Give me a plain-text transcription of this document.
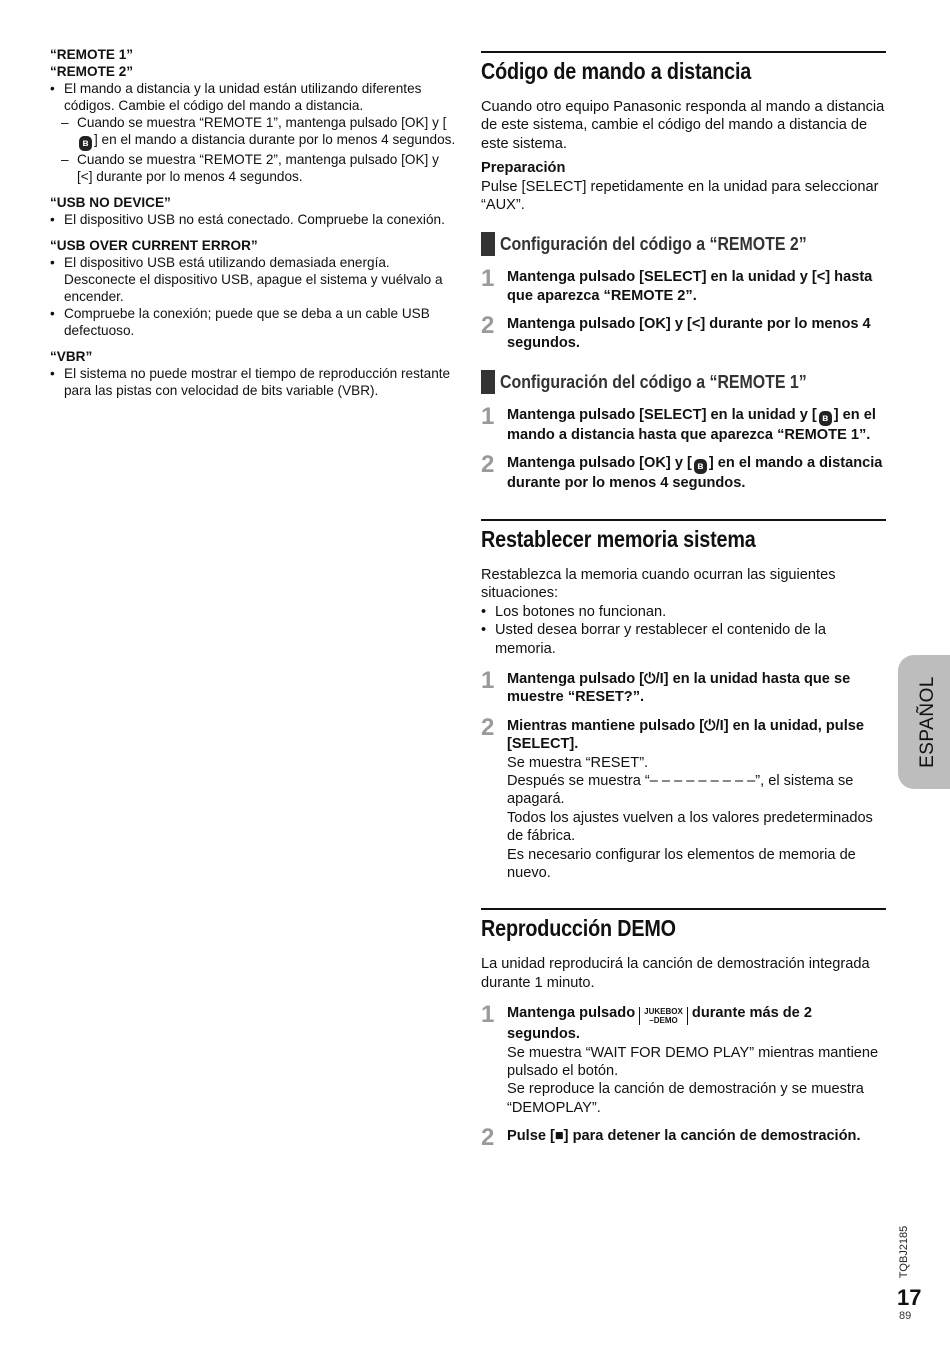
“REMOTE 1”
“REMOTE 2”
• El mando a distancia y la unidad están utilizando diferentes códigos. Cambie el código del mando a distancia.
– Cuando se muestra “REMOTE 1”, mantenga pulsado [OK] y [ʙ ] en el mando a distancia durante por lo menos 4 segundos.
– Cuando se muestra “REMOTE 2”, mantenga pulsado [OK] y [<] durante por lo menos 4 segundos.
“USB NO DEVICE”
• El dispositivo USB no está conectado. Compruebe la conexión.
“USB OVER CURRENT ERROR”
• El dispositivo USB está utilizando demasiada energía. Desconecte el dispositivo USB, apague el sistema y vuélvalo a encender.
• Compruebe la conexión; puede que se deba a un cable USB defectuoso.
“VBR”
• El sistema no puede mostrar el tiempo de reproducción restante para las pistas con velocidad de bits variable (VBR).
Código de mando a distancia
Cuando otro equipo Panasonic responda al mando a distancia de este sistema, cambie el código del mando a distancia de este sistema.
Preparación
Pulse [SELECT] repetidamente en la unidad para seleccionar “AUX”.
Configuración del código a “REMOTE 2”
1 Mantenga pulsado [SELECT] en la unidad y [<] hasta que aparezca “REMOTE 2”.
2 Mantenga pulsado [OK] y [<] durante por lo menos 4 segundos.
Configuración del código a “REMOTE 1”
1 Mantenga pulsado [SELECT] en la unidad y [ ʙ ] en el mando a distancia hasta que aparezca “REMOTE 1”.
2 Mantenga pulsado [OK] y [ ʙ ] en el mando a distancia durante por lo menos 4 segundos.
Restablecer memoria sistema
Restablezca la memoria cuando ocurran las siguientes situaciones:
• Los botones no funcionan.
• Usted desea borrar y restablecer el contenido de la memoria.
1 Mantenga pulsado [⏻/I] en la unidad hasta que se muestre “RESET?”.
2 Mientras mantiene pulsado [⏻/I] en la unidad, pulse [SELECT].
Se muestra “RESET”.
Después se muestra “– – – – – – – – –”, el sistema se apagará.
Todos los ajustes vuelven a los valores predeterminados de fábrica.
Es necesario configurar los elementos de memoria de nuevo.
Reproducción DEMO
La unidad reproducirá la canción de demostración integrada durante 1 minuto.
1 Mantenga pulsado JUKEBOX
–DEMO durante más de 2 segundos.
Se muestra “WAIT FOR DEMO PLAY” mientras mantiene pulsado el botón.
Se reproduce la canción de demostración y se muestra “DEMOPLAY”.
2 Pulse [■] para detener la canción de demostración.
ESPAÑOL
TQBJ2185
17
89
